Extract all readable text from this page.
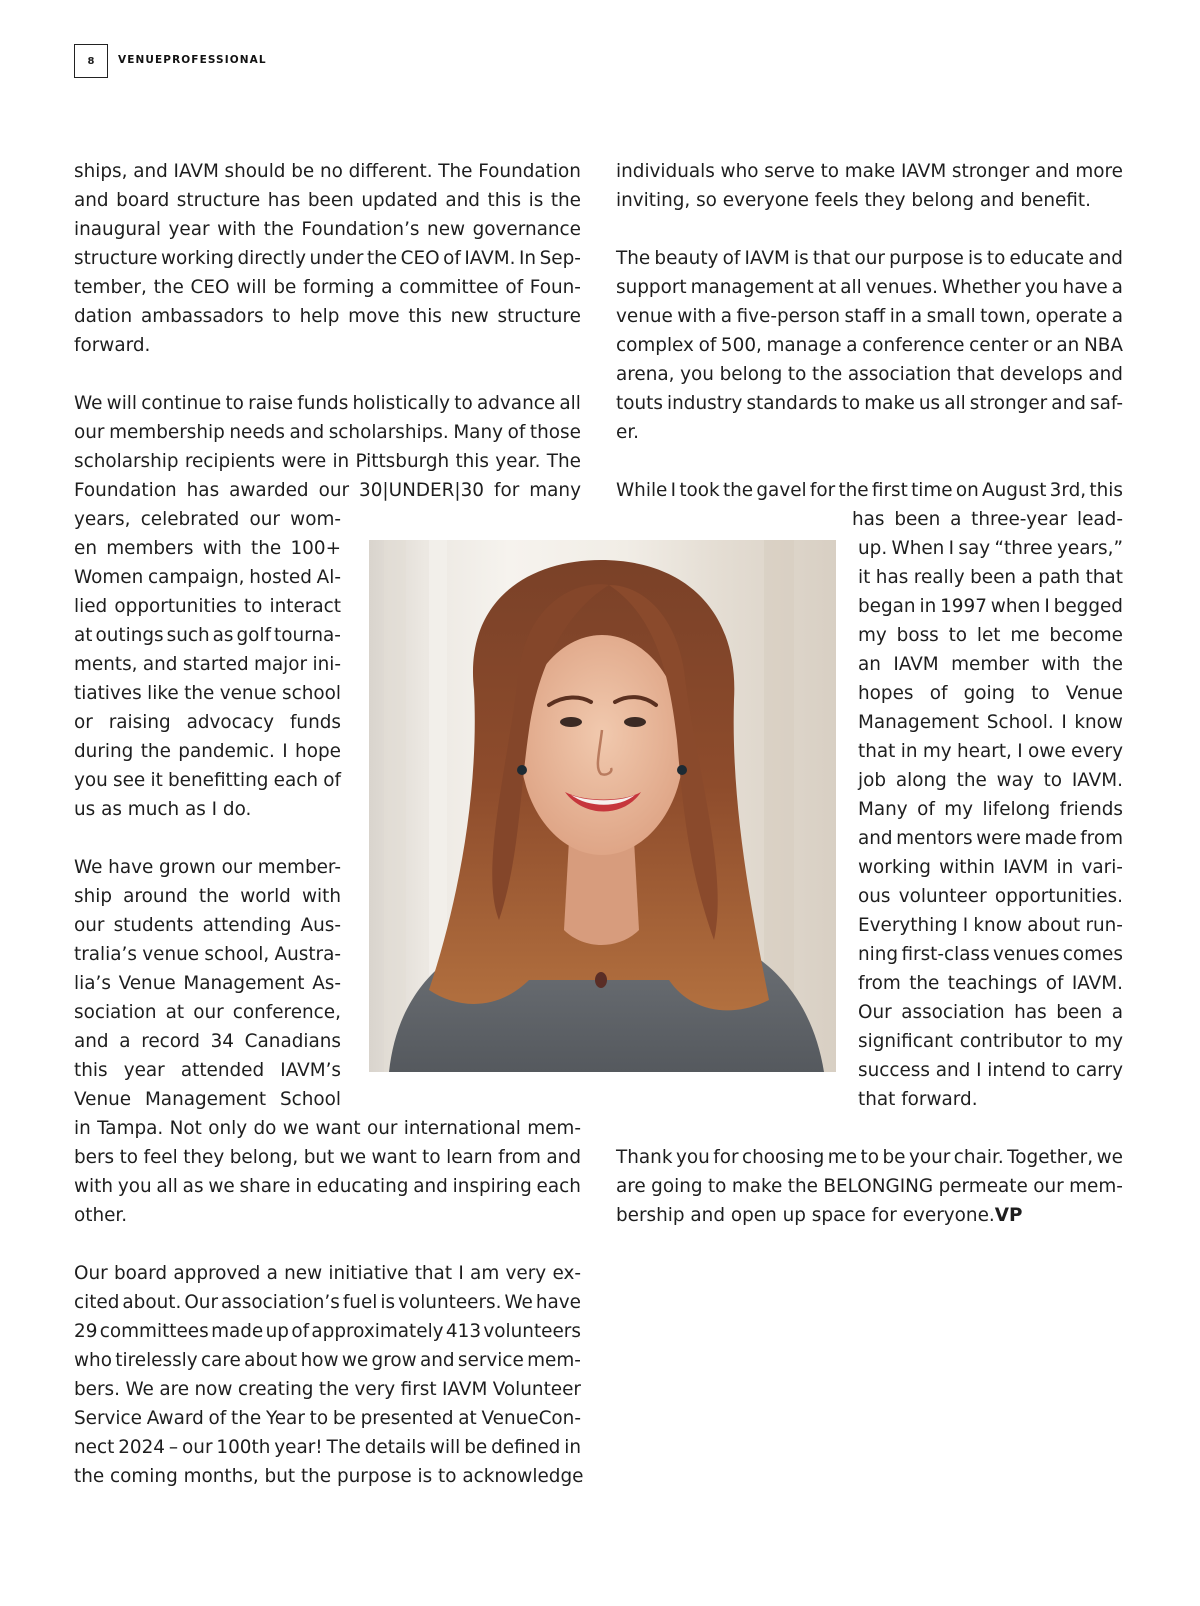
8	VENUEPROFESSIONAL
ships, and IAVM should be no different. The Foundation
and board structure has been updated and this is the
inaugural year with the Foundation’s new governance
structure working directly under the CEO of IAVM. In Sep-
tember, the CEO will be forming a committee of Foun-
dation ambassadors to help move this new structure
forward.
We will continue to raise funds holistically to advance all
our membership needs and scholarships. Many of those
scholarship recipients were in Pittsburgh this year. The
Foundation has awarded our 30|UNDER|30 for many
years, celebrated our wom-
en members with the 100+
Women campaign, hosted Al-
lied opportunities to interact
at outings such as golf tourna-
ments, and started major ini-
tiatives like the venue school
or raising advocacy funds
during the pandemic. I hope
you see it benefitting each of
us as much as I do.
We have grown our member-
ship around the world with
our students attending Aus-
tralia’s venue school, Austra-
lia’s Venue Management As-
sociation at our conference,
and a record 34 Canadians
this year attended IAVM’s
Venue Management School
in Tampa. Not only do we want our international mem-
bers to feel they belong, but we want to learn from and
with you all as we share in educating and inspiring each
other.
Our board approved a new initiative that I am very ex-
cited about. Our association’s fuel is volunteers. We have
29 committees made up of approximately 413 volunteers
who tirelessly care about how we grow and service mem-
bers. We are now creating the very first IAVM Volunteer
Service Award of the Year to be presented at VenueCon-
nect 2024 – our 100th year! The details will be defined in
the coming months, but the purpose is to acknowledge
individuals who serve to make IAVM stronger and more
inviting, so everyone feels they belong and benefit.
The beauty of IAVM is that our purpose is to educate and
support management at all venues. Whether you have a
venue with a five-person staff in a small town, operate a
complex of 500, manage a conference center or an NBA
arena, you belong to the association that develops and
touts industry standards to make us all stronger and saf-
er.
While I took the gavel for the first time on August 3rd, this
has been a three-year lead-
up. When I say “three years,”
it has really been a path that
began in 1997 when I begged
my boss to let me become
an IAVM member with the
hopes of going to Venue
Management School. I know
that in my heart, I owe every
job along the way to IAVM.
Many of my lifelong friends
and mentors were made from
working within IAVM in vari-
ous volunteer opportunities.
Everything I know about run-
ning first-class venues comes
from the teachings of IAVM.
Our association has been a
significant contributor to my
success and I intend to carry
that forward.
Thank you for choosing me to be your chair. Together, we
are going to make the BELONGING permeate our mem-
bership and open up space for everyone. VP
